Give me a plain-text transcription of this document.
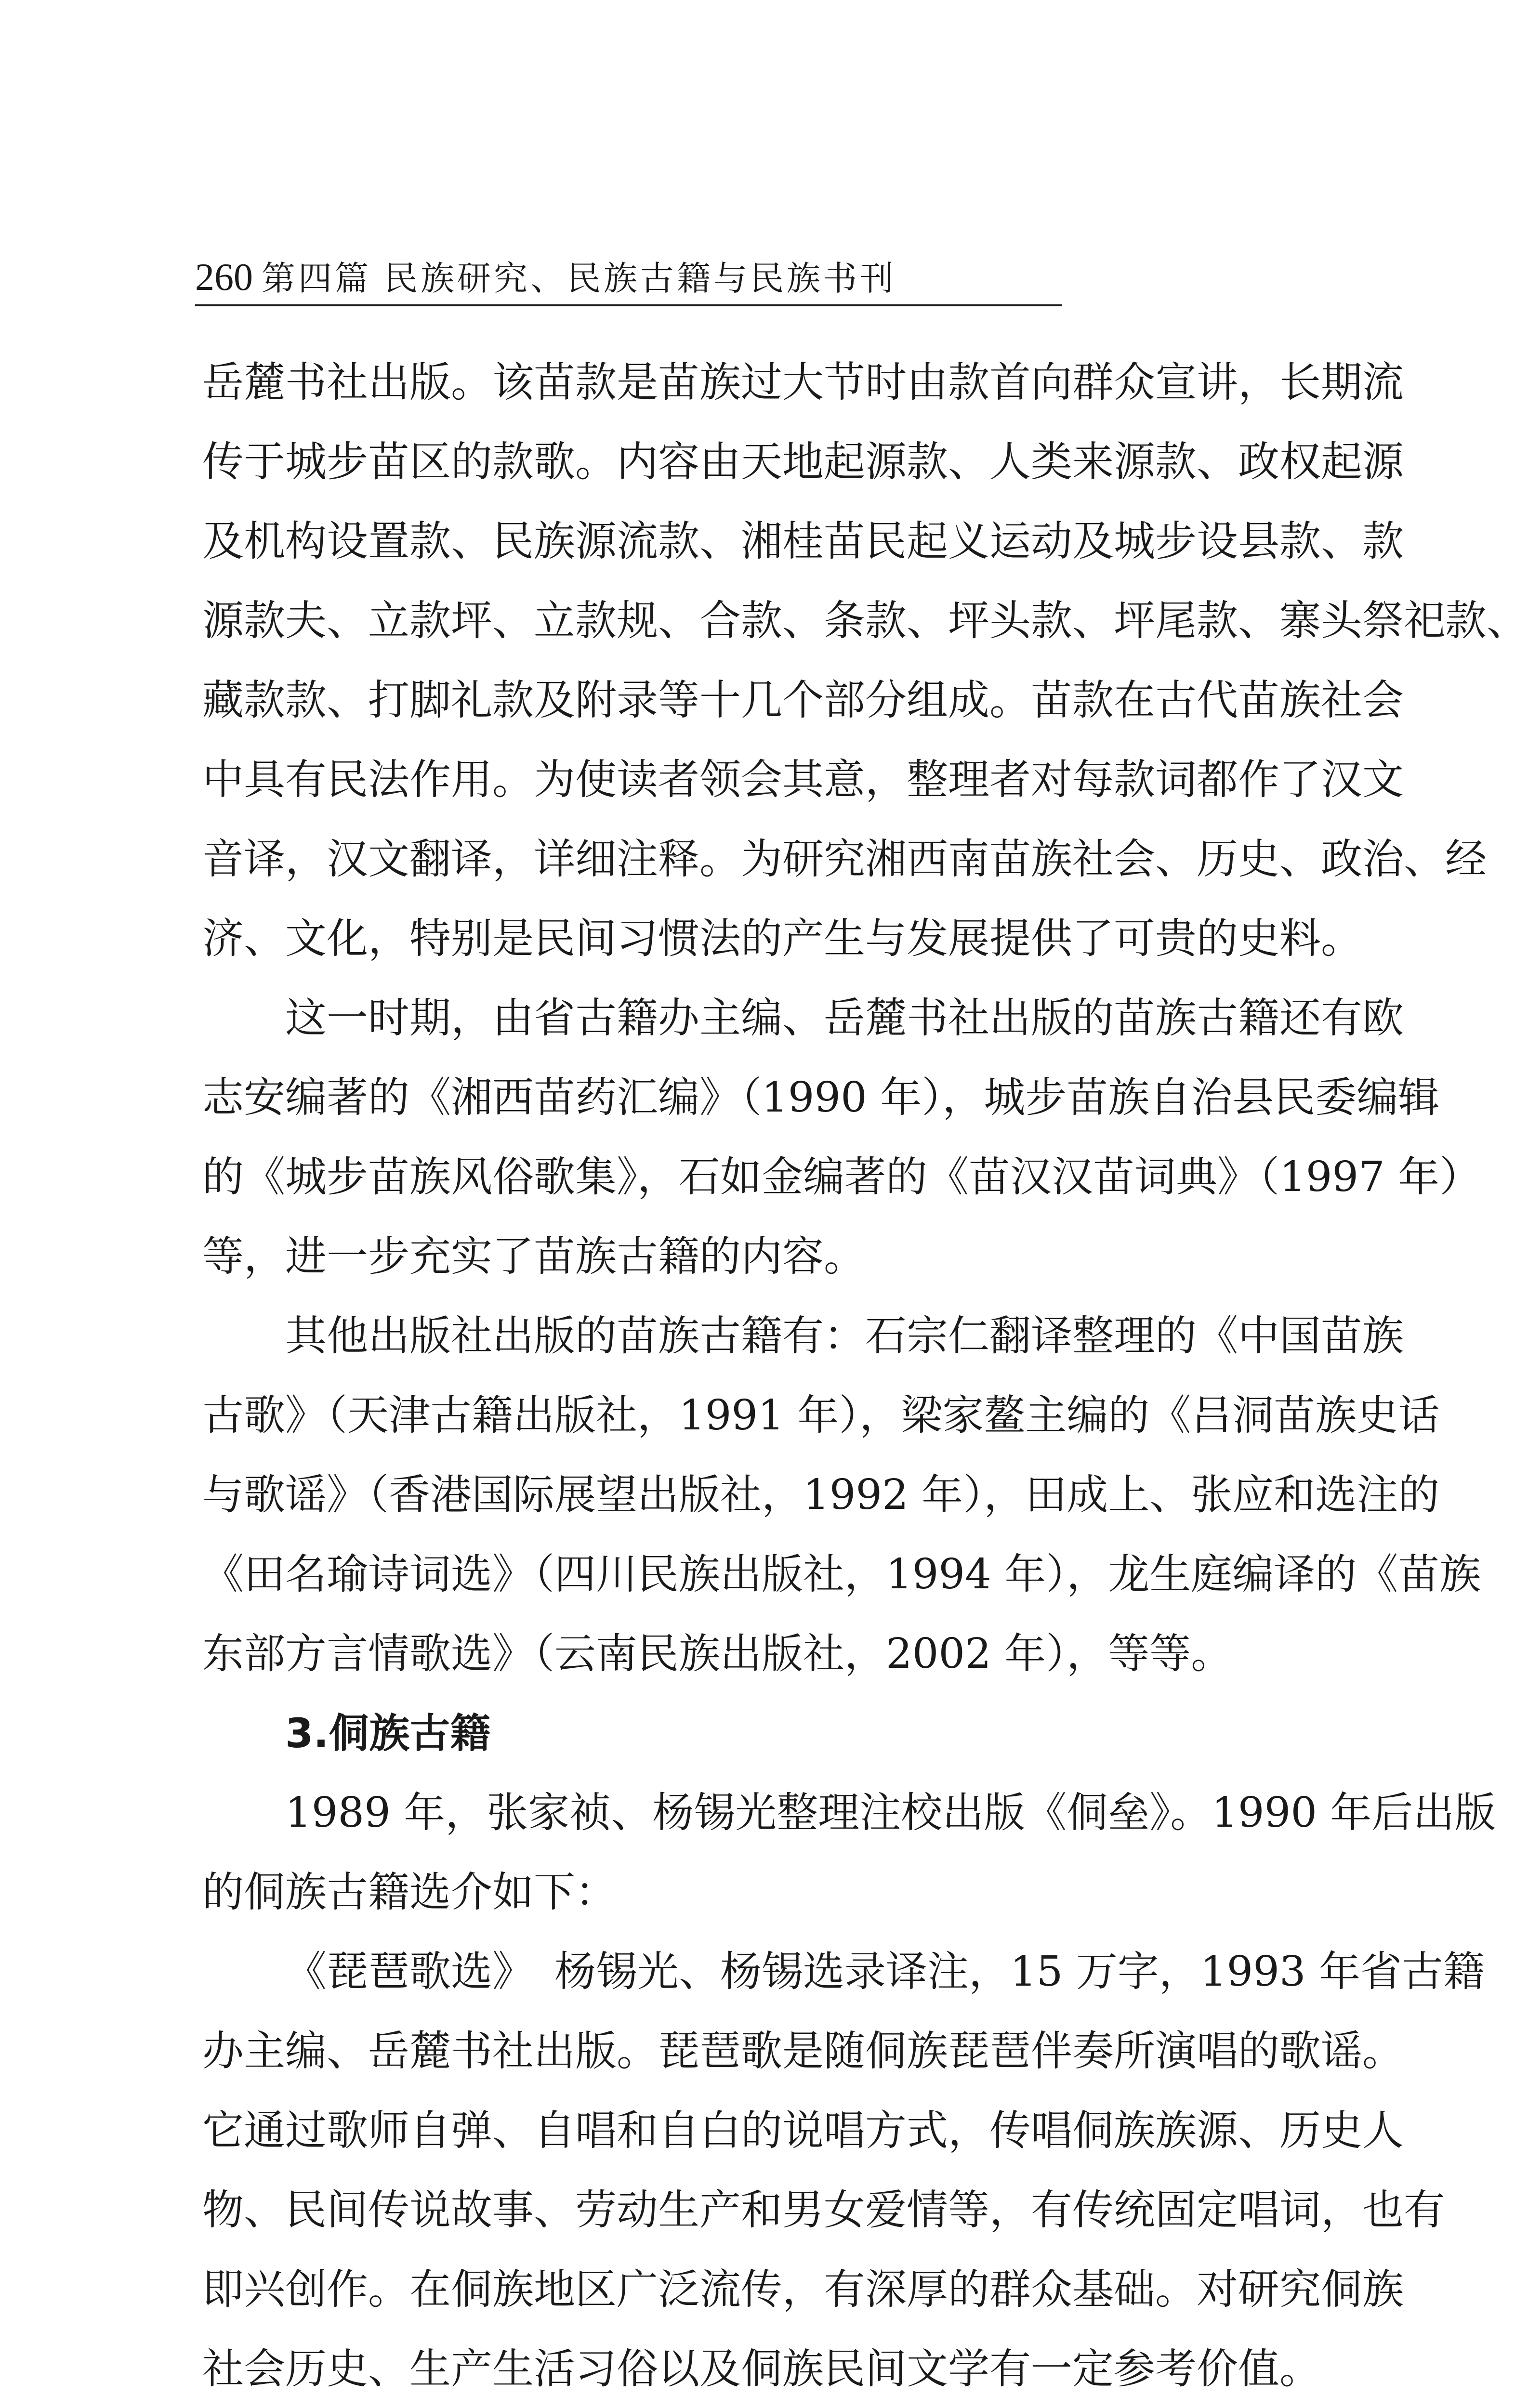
260 第四篇 民族研究、民族古籍与民族书刊
岳麓书社出版。该苗款是苗族过大节时由款首向群众宣讲，长期流
传于城步苗区的款歌。内容由天地起源款、人类来源款、政权起源
及机构设置款、民族源流款、湘桂苗民起义运动及城步设县款、款
源款夫、立款坪、立款规、合款、条款、坪头款、坪尾款、寨头祭祀款、
藏款款、打脚礼款及附录等十几个部分组成。苗款在古代苗族社会
中具有民法作用。为使读者领会其意，整理者对每款词都作了汉文
音译，汉文翻译，详细注释。为研究湘西南苗族社会、历史、政治、经
济、文化，特别是民间习惯法的产生与发展提供了可贵的史料。
这一时期，由省古籍办主编、岳麓书社出版的苗族古籍还有欧
志安编著的《湘西苗药汇编》（1990 年），城步苗族自治县民委编辑
的《城步苗族风俗歌集》，石如金编著的《苗汉汉苗词典》（1997 年）
等，进一步充实了苗族古籍的内容。
其他出版社出版的苗族古籍有：石宗仁翻译整理的《中国苗族
古歌》（天津古籍出版社，1991 年），梁家鳌主编的《吕洞苗族史话
与歌谣》（香港国际展望出版社，1992 年），田成上、张应和选注的
《田名瑜诗词选》（四川民族出版社，1994 年），龙生庭编译的《苗族
东部方言情歌选》（云南民族出版社，2002 年），等等。
3.侗族古籍
1989 年，张家祯、杨锡光整理注校出版《侗垒》。1990 年后出版
的侗族古籍选介如下：
《琵琶歌选》　杨锡光、杨锡选录译注，15 万字，1993 年省古籍
办主编、岳麓书社出版。琵琶歌是随侗族琵琶伴奏所演唱的歌谣。
它通过歌师自弹、自唱和自白的说唱方式，传唱侗族族源、历史人
物、民间传说故事、劳动生产和男女爱情等，有传统固定唱词，也有
即兴创作。在侗族地区广泛流传，有深厚的群众基础。对研究侗族
社会历史、生产生活习俗以及侗族民间文学有一定参考价值。
